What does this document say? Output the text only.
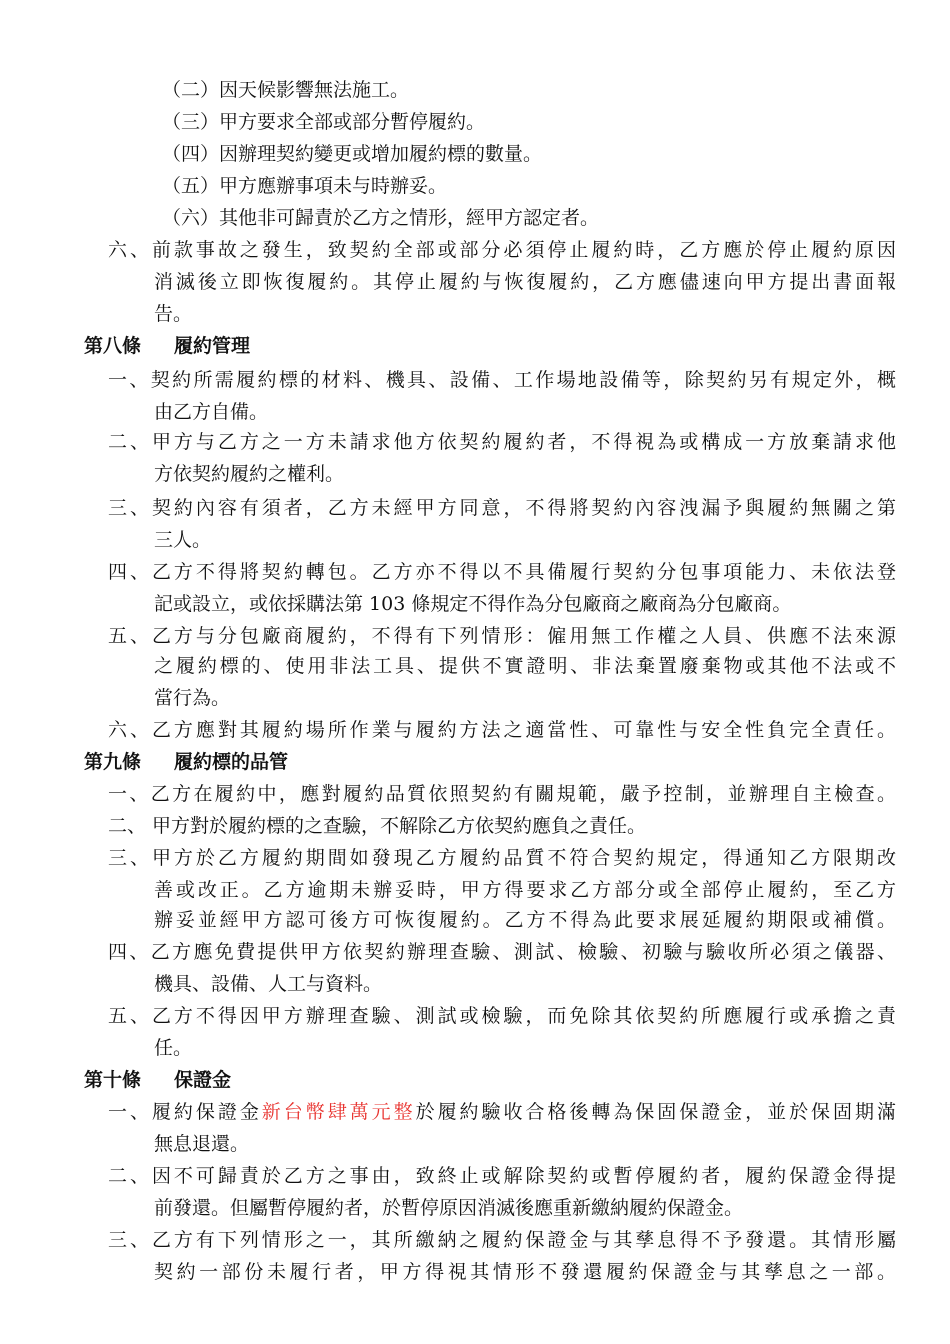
（二）因天候影響無法施工。
（三）甲方要求全部或部分暫停履約。
（四）因辦理契約變更或增加履約標的數量。
（五）甲方應辦事項未与時辦妥。
（六）其他非可歸責於乙方之情形，經甲方認定者。
六、前款事故之發生，致契約全部或部分必須停止履約時，乙方應於停止履約原因
消滅後立即恢復履約。其停止履約与恢復履約，乙方應儘速向甲方提出書面報
告。
第八條 履約管理
一、契約所需履約標的材料、機具、設備、工作場地設備等，除契約另有規定外，概
由乙方自備。
二、甲方与乙方之一方未請求他方依契約履約者，不得視為或構成一方放棄請求他
方依契約履約之權利。
三、契約內容有須者，乙方未經甲方同意，不得將契約內容洩漏予與履約無關之第
三人。
四、乙方不得將契約轉包。乙方亦不得以不具備履行契約分包事項能力、未依法登
記或設立，或依採購法第 103 條規定不得作為分包廠商之廠商為分包廠商。
五、乙方与分包廠商履約，不得有下列情形：僱用無工作權之人員、供應不法來源
之履約標的、使用非法工具、提供不實證明、非法棄置廢棄物或其他不法或不
當行為。
六、乙方應對其履約場所作業与履約方法之適當性、可靠性与安全性負完全責任。
第九條 履約標的品管
一、乙方在履約中，應對履約品質依照契約有關規範，嚴予控制，並辦理自主檢查。
二、 甲方對於履約標的之查驗，不解除乙方依契約應負之責任。
三、甲方於乙方履約期間如發現乙方履約品質不符合契約規定，得通知乙方限期改
善或改正。乙方逾期未辦妥時，甲方得要求乙方部分或全部停止履約，至乙方
辦妥並經甲方認可後方可恢復履約。乙方不得為此要求展延履約期限或補償。
四、乙方應免費提供甲方依契約辦理查驗、測試、檢驗、初驗与驗收所必須之儀器、
機具、設備、人工与資料。
五、乙方不得因甲方辦理查驗、測試或檢驗，而免除其依契約所應履行或承擔之責
任。
第十條 保證金
一、履約保證金新台幣肆萬元整於履約驗收合格後轉為保固保證金，並於保固期滿
無息退還。
二、因不可歸責於乙方之事由，致終止或解除契約或暫停履約者，履約保證金得提
前發還。但屬暫停履約者，於暫停原因消滅後應重新繳納履約保證金。
三、乙方有下列情形之一，其所繳納之履約保證金与其孳息得不予發還。其情形屬
契約一部份未履行者，甲方得視其情形不發還履約保證金与其孳息之一部。
